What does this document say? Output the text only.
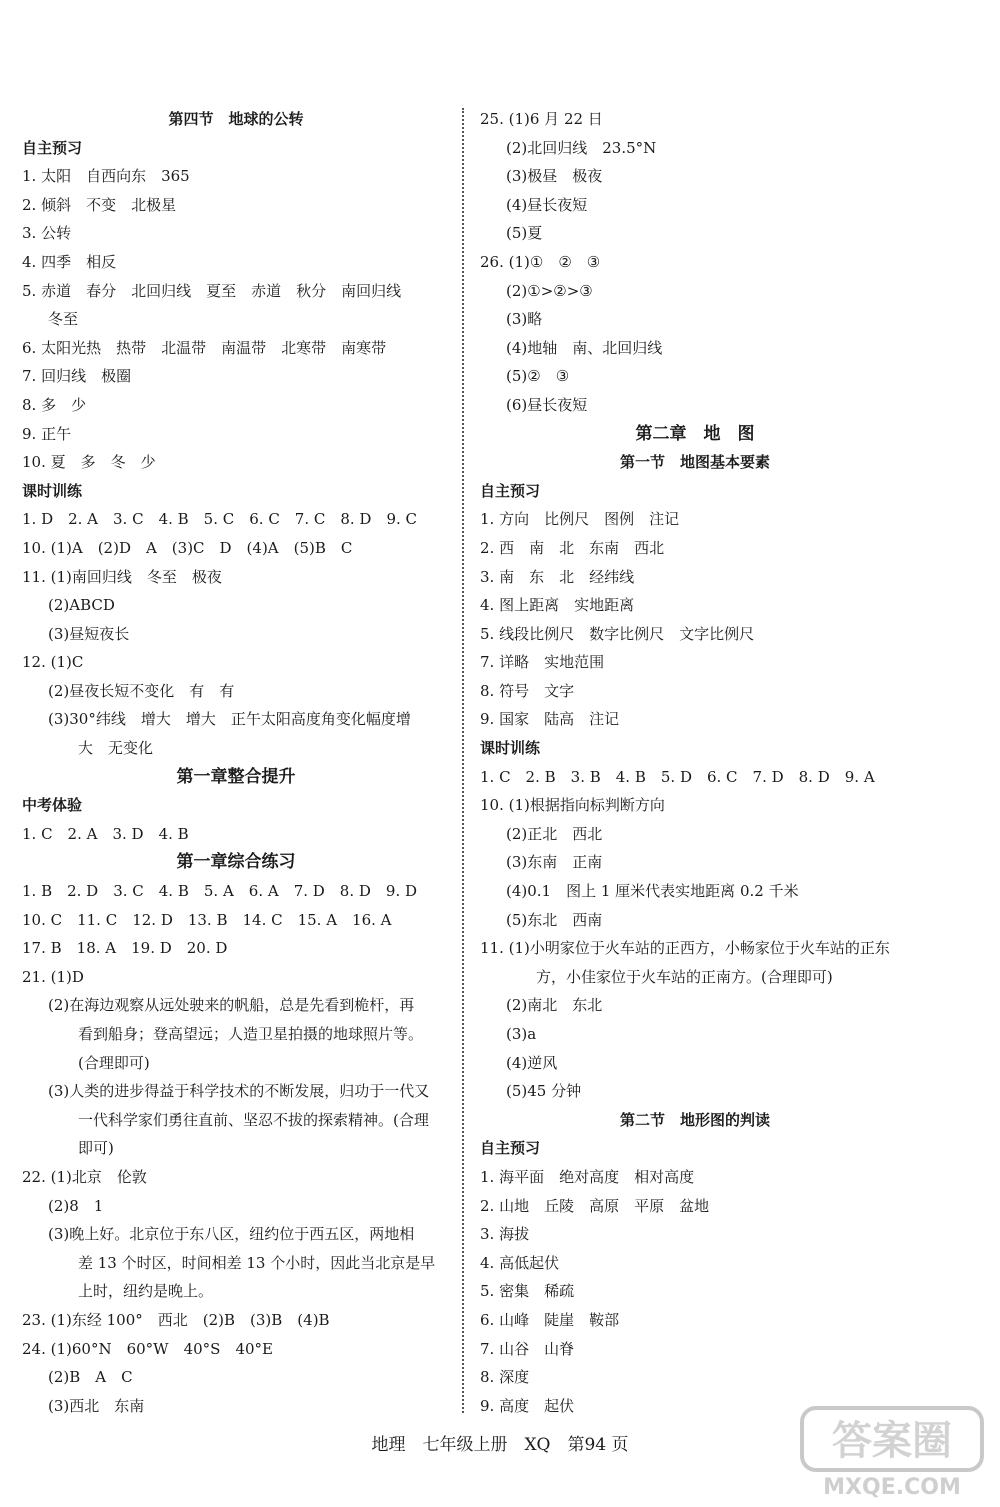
第四节　地球的公转
自主预习
1. 太阳　自西向东　365
2. 倾斜　不变　北极星
3. 公转
4. 四季　相反
5. 赤道　春分　北回归线　夏至　赤道　秋分　南回归线
冬至
6. 太阳光热　热带　北温带　南温带　北寒带　南寒带
7. 回归线　极圈
8. 多　少
9. 正午
10. 夏　多　冬　少
课时训练
1. D　2. A　3. C　4. B　5. C　6. C　7. C　8. D　9. C
10. (1)A　(2)D　A　(3)C　D　(4)A　(5)B　C
11. (1)南回归线　冬至　极夜
(2)ABCD
(3)昼短夜长
12. (1)C
(2)昼夜长短不变化　有　有
(3)30°纬线　增大　增大　正午太阳高度角变化幅度增
大　无变化
第一章整合提升
中考体验
1. C　2. A　3. D　4. B
第一章综合练习
1. B　2. D　3. C　4. B　5. A　6. A　7. D　8. D　9. D
10. C　11. C　12. D　13. B　14. C　15. A　16. A
17. B　18. A　19. D　20. D
21. (1)D
(2)在海边观察从远处驶来的帆船，总是先看到桅杆，再
看到船身；登高望远；人造卫星拍摄的地球照片等。
(合理即可)
(3)人类的进步得益于科学技术的不断发展，归功于一代又
一代科学家们勇往直前、坚忍不拔的探索精神。(合理
即可)
22. (1)北京　伦敦
(2)8　1
(3)晚上好。北京位于东八区，纽约位于西五区，两地相
差 13 个时区，时间相差 13 个小时，因此当北京是早
上时，纽约是晚上。
23. (1)东经 100°　西北　(2)B　(3)B　(4)B
24. (1)60°N　60°W　40°S　40°E
(2)B　A　C
(3)西北　东南
25. (1)6 月 22 日
(2)北回归线　23.5°N
(3)极昼　极夜
(4)昼长夜短
(5)夏
26. (1)①　②　③
(2)①>②>③
(3)略
(4)地轴　南、北回归线
(5)②　③
(6)昼长夜短
第二章　地　图
第一节　地图基本要素
自主预习
1. 方向　比例尺　图例　注记
2. 西　南　北　东南　西北
3. 南　东　北　经纬线
4. 图上距离　实地距离
5. 线段比例尺　数字比例尺　文字比例尺
7. 详略　实地范围
8. 符号　文字
9. 国家　陆高　注记
课时训练
1. C　2. B　3. B　4. B　5. D　6. C　7. D　8. D　9. A
10. (1)根据指向标判断方向
(2)正北　西北
(3)东南　正南
(4)0.1　图上 1 厘米代表实地距离 0.2 千米
(5)东北　西南
11. (1)小明家位于火车站的正西方，小畅家位于火车站的正东
方，小佳家位于火车站的正南方。(合理即可)
(2)南北　东北
(3)a
(4)逆风
(5)45 分钟
第二节　地形图的判读
自主预习
1. 海平面　绝对高度　相对高度
2. 山地　丘陵　高原　平原　盆地
3. 海拔
4. 高低起伏
5. 密集　稀疏
6. 山峰　陡崖　鞍部
7. 山谷　山脊
8. 深度
9. 高度　起伏
地理　七年级上册　XQ　第94 页	答案圈
MXQE.COM
